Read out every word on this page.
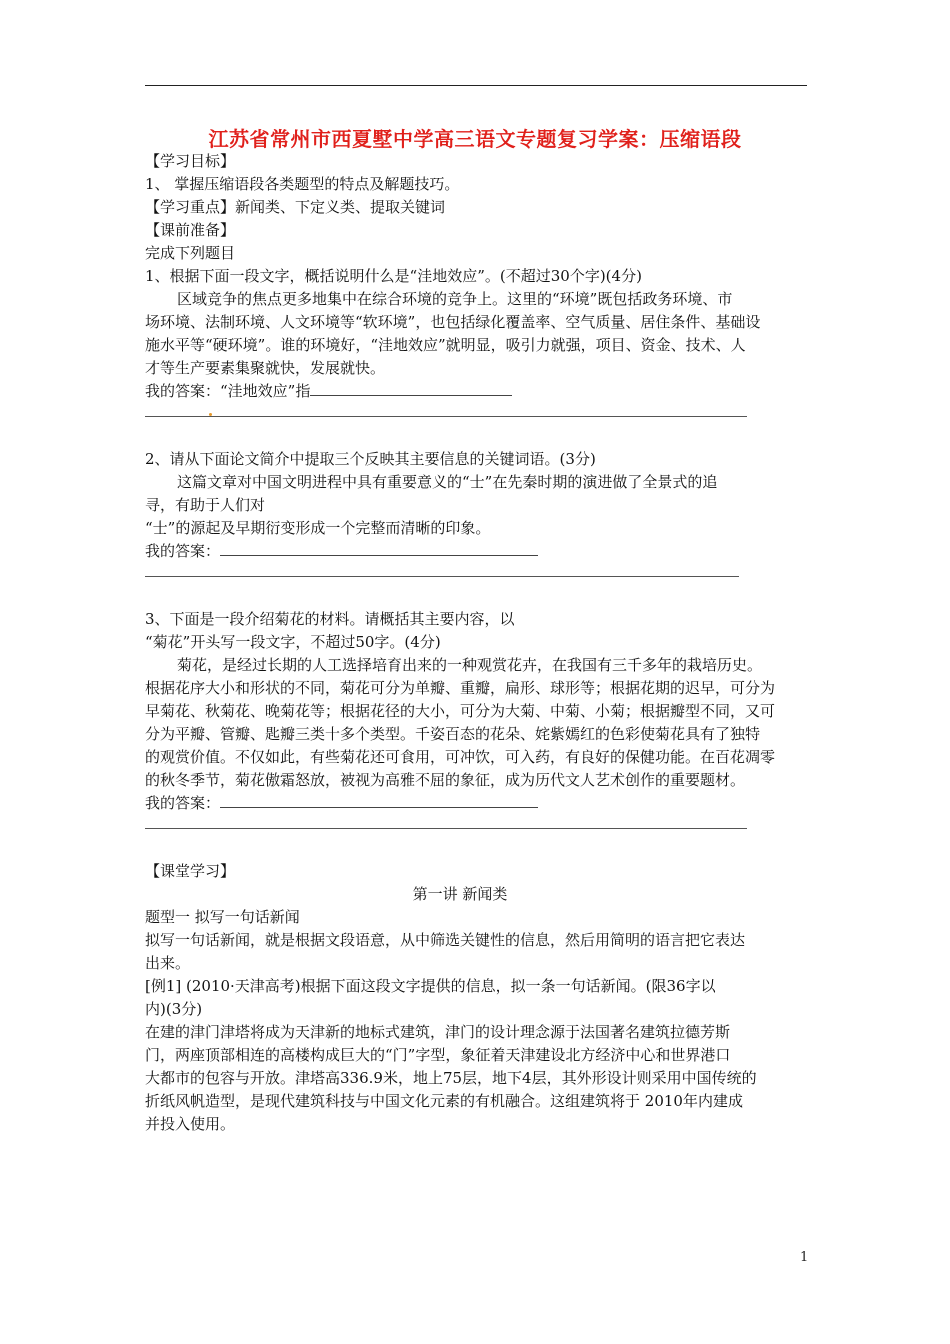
江苏省常州市西夏墅中学高三语文专题复习学案：压缩语段
【学习目标】
1、 掌握压缩语段各类题型的特点及解题技巧。
【学习重点】新闻类、下定义类、提取关键词
【课前准备】
完成下列题目
1、根据下面一段文字，概括说明什么是“洼地效应”。(不超过30个字)(4分)
区域竞争的焦点更多地集中在综合环境的竞争上。这里的“环境”既包括政务环境、市
场环境、法制环境、人文环境等“软环境”，也包括绿化覆盖率、空气质量、居住条件、基础设
施水平等“硬环境”。谁的环境好，“洼地效应”就明显，吸引力就强，项目、资金、技术、人
才等生产要素集聚就快，发展就快。
我的答案：“洼地效应”指
2、请从下面论文简介中提取三个反映其主要信息的关键词语。(3分)
这篇文章对中国文明进程中具有重要意义的“士”在先秦时期的演进做了全景式的追
寻，有助于人们对
“士”的源起及早期衍变形成一个完整而清晰的印象。
我的答案：
3、下面是一段介绍菊花的材料。请概括其主要内容，以
“菊花”开头写一段文字，不超过50字。(4分)
菊花，是经过长期的人工选择培育出来的一种观赏花卉，在我国有三千多年的栽培历史。
根据花序大小和形状的不同，菊花可分为单瓣、重瓣，扁形、球形等；根据花期的迟早，可分为
早菊花、秋菊花、晚菊花等；根据花径的大小，可分为大菊、中菊、小菊；根据瓣型不同，又可
分为平瓣、管瓣、匙瓣三类十多个类型。千姿百态的花朵、姹紫嫣红的色彩使菊花具有了独特
的观赏价值。不仅如此，有些菊花还可食用，可冲饮，可入药，有良好的保健功能。在百花凋零
的秋冬季节，菊花傲霜怒放，被视为高雅不屈的象征，成为历代文人艺术创作的重要题材。
我的答案：
【课堂学习】
第一讲 新闻类
题型一 拟写一句话新闻
拟写一句话新闻，就是根据文段语意，从中筛选关键性的信息，然后用简明的语言把它表达
出来。
[例1] (2010·天津高考)根据下面这段文字提供的信息，拟一条一句话新闻。(限36字以
内)(3分)
在建的津门津塔将成为天津新的地标式建筑，津门的设计理念源于法国著名建筑拉德芳斯
门，两座顶部相连的高楼构成巨大的“门”字型，象征着天津建设北方经济中心和世界港口
大都市的包容与开放。津塔高336.9米，地上75层，地下4层，其外形设计则采用中国传统的
折纸风帆造型，是现代建筑科技与中国文化元素的有机融合。这组建筑将于 2010年内建成
并投入使用。
1
